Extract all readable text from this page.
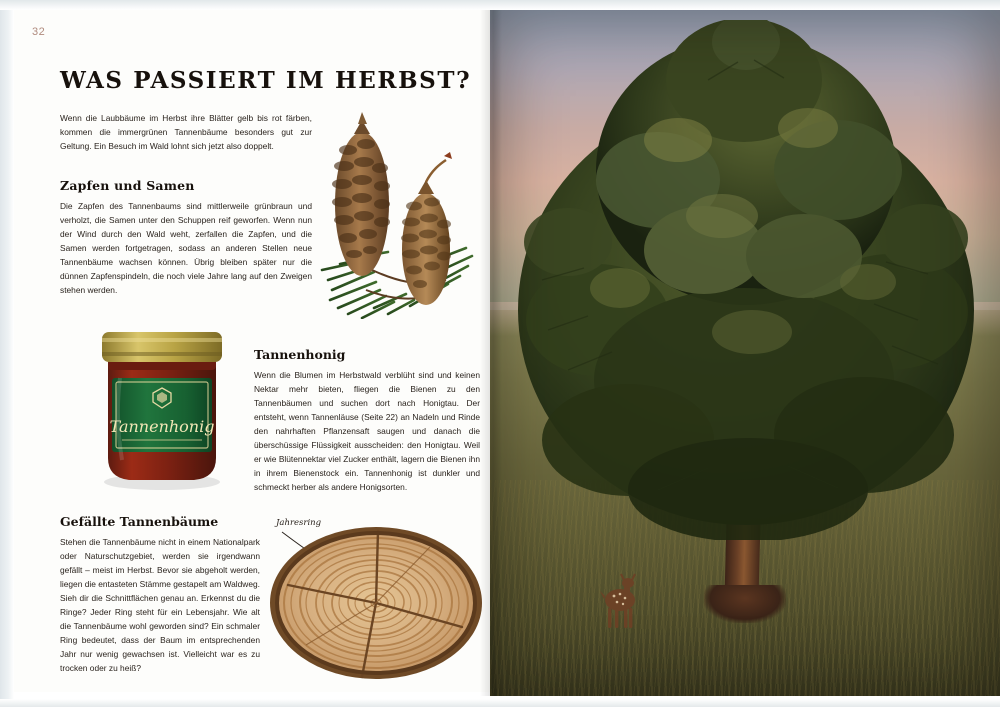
32
WAS PASSIERT IM HERBST?

Wenn die Laubbäume im Herbst ihre Blätter gelb bis rot färben, kommen die immergrünen Tannenbäume besonders gut zur Geltung. Ein Besuch im Wald lohnt sich jetzt also doppelt.

Zapfen und Samen

Die Zapfen des Tannenbaums sind mittlerweile grünbraun und verholzt, die Samen unter den Schuppen reif geworfen. Wenn nun der Wind durch den Wald weht, zerfallen die Zapfen, und die Samen werden fortgetragen, sodass an anderen Stellen neue Tannenbäume wachsen können. Übrig bleiben später nur die dünnen Zapfenspindeln, die noch viele Jahre lang auf den Zweigen stehen werden.

Tannenhonig
Tannenhonig

Wenn die Blumen im Herbstwald verblüht sind und keinen Nektar mehr bieten, fliegen die Bienen zu den Tannenbäumen und suchen dort nach Honigtau. Der entsteht, wenn Tannenläuse (Seite 22) an Nadeln und Rinde den nahrhaften Pflanzensaft saugen und danach die überschüssige Flüssigkeit ausscheiden: den Honigtau. Weil er wie Blütennektar viel Zucker enthält, lagern die Bienen ihn in ihrem Bienenstock ein. Tannenhonig ist dunkler und schmeckt herber als andere Honigsorten.

Gefällte Tannenbäume

Stehen die Tannenbäume nicht in einem Nationalpark oder Naturschutzgebiet, werden sie irgendwann gefällt – meist im Herbst. Bevor sie abgeholt werden, liegen die entasteten Stämme gestapelt am Waldweg. Sieh dir die Schnittflächen genau an. Erkennst du die Ringe? Jeder Ring steht für ein Lebensjahr. Wie alt die Tannenbäume wohl geworden sind? Ein schmaler Ring bedeutet, dass der Baum im entsprechenden Jahr nur wenig gewachsen ist. Vielleicht war es zu trocken oder zu heiß?

Jahresring
